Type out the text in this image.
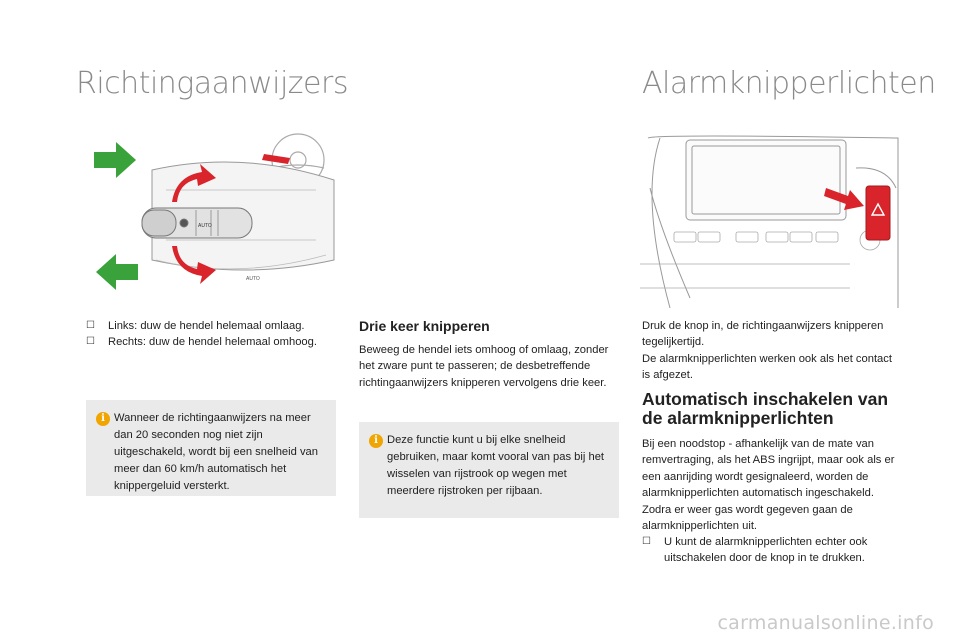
Richtingaanwijzers	Alarmknipperlichten
AUTO
AUTO
☐ Links: duw de hendel helemaal omlaag.
☐ Rechts: duw de hendel helemaal omhoog.
i Wanneer de richtingaanwijzers na meer dan 20 seconden nog niet zijn uitgeschakeld, wordt bij een snelheid van meer dan 60 km/h automatisch het knippergeluid versterkt.

Drie keer knipperen

Beweeg de hendel iets omhoog of omlaag, zonder het zware punt te passeren; de desbetreffende richtingaanwijzers knipperen vervolgens drie keer.

i Deze functie kunt u bij elke snelheid gebruiken, maar komt vooral van pas bij het wisselen van rijstrook op wegen met meerdere rijstroken per rijbaan.

Druk de knop in, de richtingaanwijzers knipperen tegelijkertijd.
De alarmknipperlichten werken ook als het contact is afgezet.

Automatisch inschakelen van de alarmknipperlichten

Bij een noodstop - afhankelijk van de mate van remvertraging, als het ABS ingrijpt, maar ook als er een aanrijding wordt gesignaleerd, worden de alarmknipperlichten automatisch ingeschakeld.
Zodra er weer gas wordt gegeven gaan de alarmknipperlichten uit.

☐ U kunt de alarmknipperlichten echter ook uitschakelen door de knop in te drukken.
carmanualsonline.info
